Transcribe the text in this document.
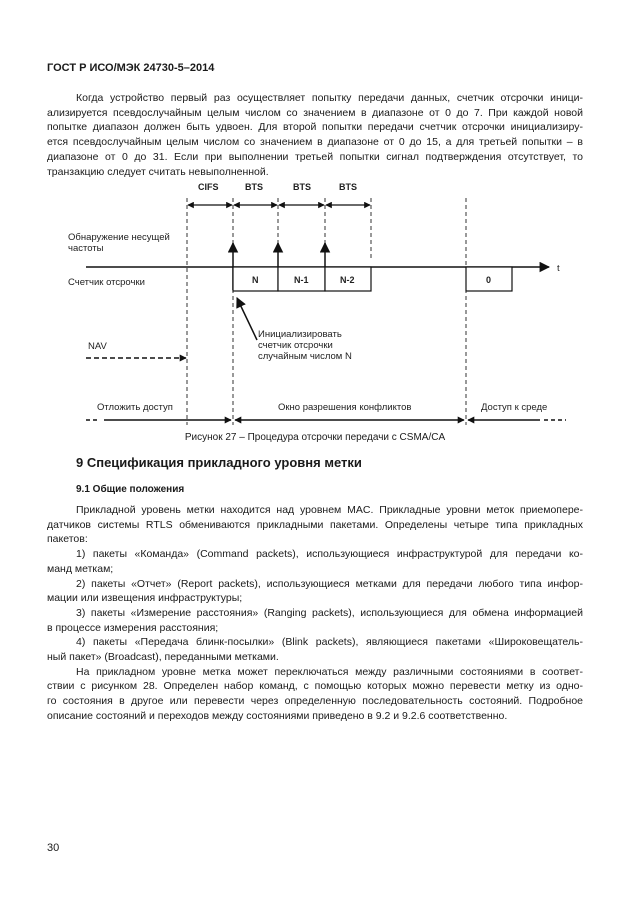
ГОСТ Р ИСО/МЭК 24730-5–2014
Когда устройство первый раз осуществляет попытку передачи данных, счетчик отсрочки иници-
ализируется псевдослучайным целым числом со значением в диапазоне от 0 до 7. При каждой новой
попытке диапазон должен быть удвоен. Для второй попытки передачи счетчик отсрочки инициализиру-
ется псевдослучайным целым числом со значением в диапазоне от 0 до 15, а для третьей попытки – в
диапазоне от 0 до 31. Если при выполнении третьей попытки сигнал подтверждения отсутствует, то
транзакцию следует считать невыполненной.
CIFS	BTS	BTS	BTS
Обнаружение несущей
частоты
t
Счетчик отсрочки	N	N-1	N-2	0
Инициализировать
счетчик отсрочки
случайным числом N
NAV
Отложить доступ	Окно разрешения конфликтов	Доступ к среде
Рисунок 27 – Процедура отсрочки передачи с CSMA/CA
9 Спецификация прикладного уровня метки
9.1 Общие положения
Прикладной уровень метки находится над уровнем MAC. Прикладные уровни меток приемопере-
датчиков системы RTLS обмениваются прикладными пакетами. Определены четыре типа прикладных
пакетов:
1) пакеты «Команда» (Command packets), использующиеся инфраструктурой для передачи ко-
манд меткам;
2) пакеты «Отчет» (Report packets), использующиеся метками для передачи любого типа инфор-
мации или извещения инфраструктуры;
3) пакеты «Измерение расстояния» (Ranging packets), использующиеся для обмена информацией
в процессе измерения расстояния;
4) пакеты «Передача блинк-посылки» (Blink packets), являющиеся пакетами «Широковещатель-
ный пакет» (Broadcast), переданными метками.
На прикладном уровне метка может переключаться между различными состояниями в соответ-
ствии с рисунком 28. Определен набор команд, с помощью которых можно перевести метку из одно-
го состояния в другое или перевести через определенную последовательность состояний. Подробное
описание состояний и переходов между состояниями приведено в 9.2 и 9.2.6 соответственно.
30
